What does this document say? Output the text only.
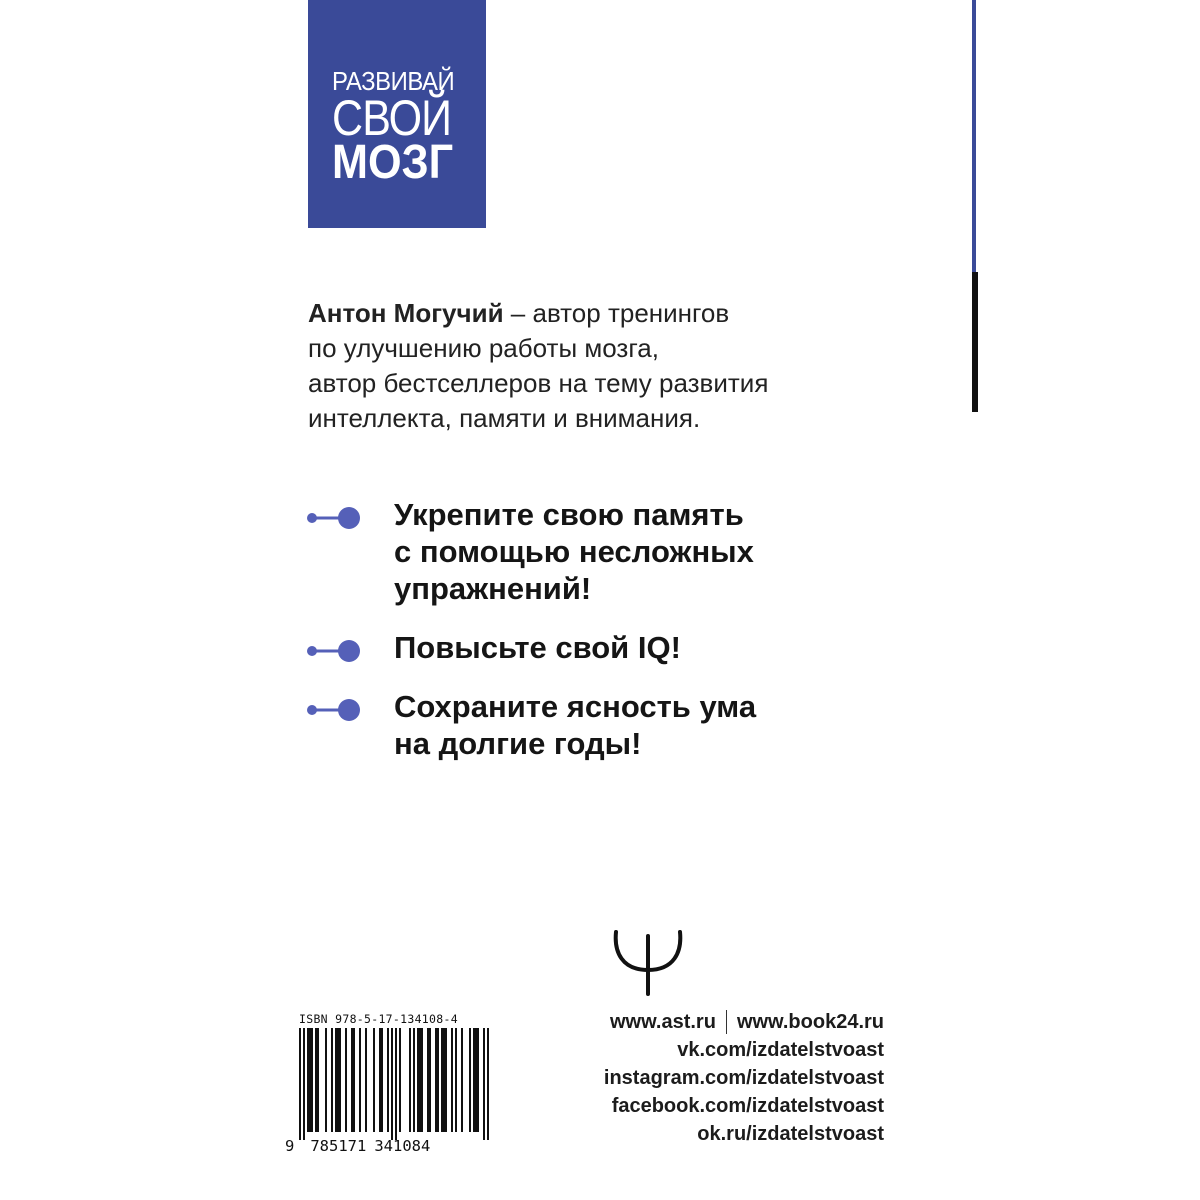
РАЗВИВАЙ
СВОЙ
МОЗГ
Антон Могучий – автор тренингов
по улучшению работы мозга,
автор бестселлеров на тему развития
интеллекта, памяти и внимания.
Укрепите свою память
с помощью несложных
упражнений!
Повысьте свой IQ!
Сохраните ясность ума
на долгие годы!
www.ast.ru www.book24.ru
vk.com/izdatelstvoast
instagram.com/izdatelstvoast
facebook.com/izdatelstvoast
ok.ru/izdatelstvoast
ISBN 978-5-17-134108-4
9 785171 341084
